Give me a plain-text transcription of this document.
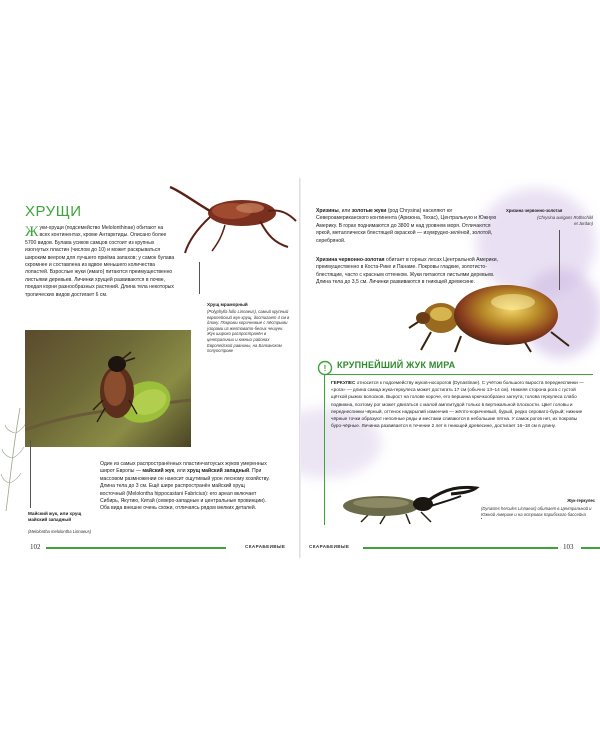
ХРУЩИ
Жуки-хрущи (подсемейство Melolonthinae) обитают на всех континентах, кроме Антарктиды. Описано более 5700 видов. Булава усиков самцов состоит из крупных изогнутых пластин (числом до 10) и может раскрываться широким веером для лучшего приёма запахов; у самок булава скромнее и составлена из вдвое меньшего количества лопастей. Взрослые жуки (имаго) питаются преимущественно листьями деревьев. Личинки хрущей развиваются в почве, поедая корни разнообразных растений. Длина тела некоторых тропических видов достигает 6 см.
Хрущ мраморный
(Polyphylla fullo Linnaeus), самый крупный европейский жук-хрущ, достигает 4 см в длину. Покровы коричневые с пёстрыми узорами из желтовато-белых чешуек. Жук широко распространён в центральных и южных районах Европейской равнины, на Балканском полуострове
Один из самых распространённых пластинчатоусых жуков умеренных широт Европы — майский жук, или хрущ майский западный. При массовом размножении он наносит ощутимый урон лесному хозяйству. Длина тела до 3 см. Ещё шире распространён майский хрущ восточный (Melolontha hippocastani Fabricius): его ареал включает Сибирь, Якутию, Китай (северо-западные и центральные провинции). Оба вида внешне очень схожи, отличаясь рядом мелких деталей.
Майский жук, или хрущ майский западный
(Melolontha melolontha Linnaeus)
102	СКАРАБЕИВЫЕ
Хризины, или золотые жуки (род Chrysina) населяют юг Североамериканского континента (Аризона, Техас), Центральную и Южную Америку. В горах поднимаются до 3800 м над уровнем моря. Отличаются яркой, металлически блестящей окраской — изумрудно-зелёной, золотой, серебряной.
Хризина червонно-золотая обитает в горных лесах Центральной Америки, преимущественно в Коста-Рике и Панаме. Покровы гладкие, золотисто-блестящие, часто с красным оттенком. Жуки питаются листьями деревьев. Длина тела до 3,5 см. Личинки развиваются в гниющей древесине.
Хризина червонно-золотая
(Chrysina aurigans Rothschild et Jordan)
! КРУПНЕЙШИЙ ЖУК МИРА
ГЕРКУЛЕС относится к подсемейству жуков-носорогов (Dynastinae). С учётом большого выроста переднеспинки — «рога» — длина самца жука-геркулеса может достигать 17 см (обычно 13–14 см). Нижняя сторона рога с густой щёткой рыжих волосков. Вырост на голове короче, его вершина крючкообразно загнута; головa геркулеса слабо подвижна, поэтому рог может двигаться с малой амплитудой только в вертикальной плоскости. Цвет головы и переднеспинки чёрный, оттенок надкрылий изменчив — жёлто-коричневый, бурый, редко серовато-бурый; нижние чёрные точки образуют неполные ряды и местами сливаются в небольшие пятна. У самок рогов нет, их покровы буро-чёрные. Личинка развивается в течение 2 лет в гниющей древесине, достигает 16–18 см в длину.
Жук-геркулес
(Dynastes hercules Linnaeus) обитает в Центральной и Южной Америке и на островах Карибского бассейна
СКАРАБЕИВЫЕ	103
